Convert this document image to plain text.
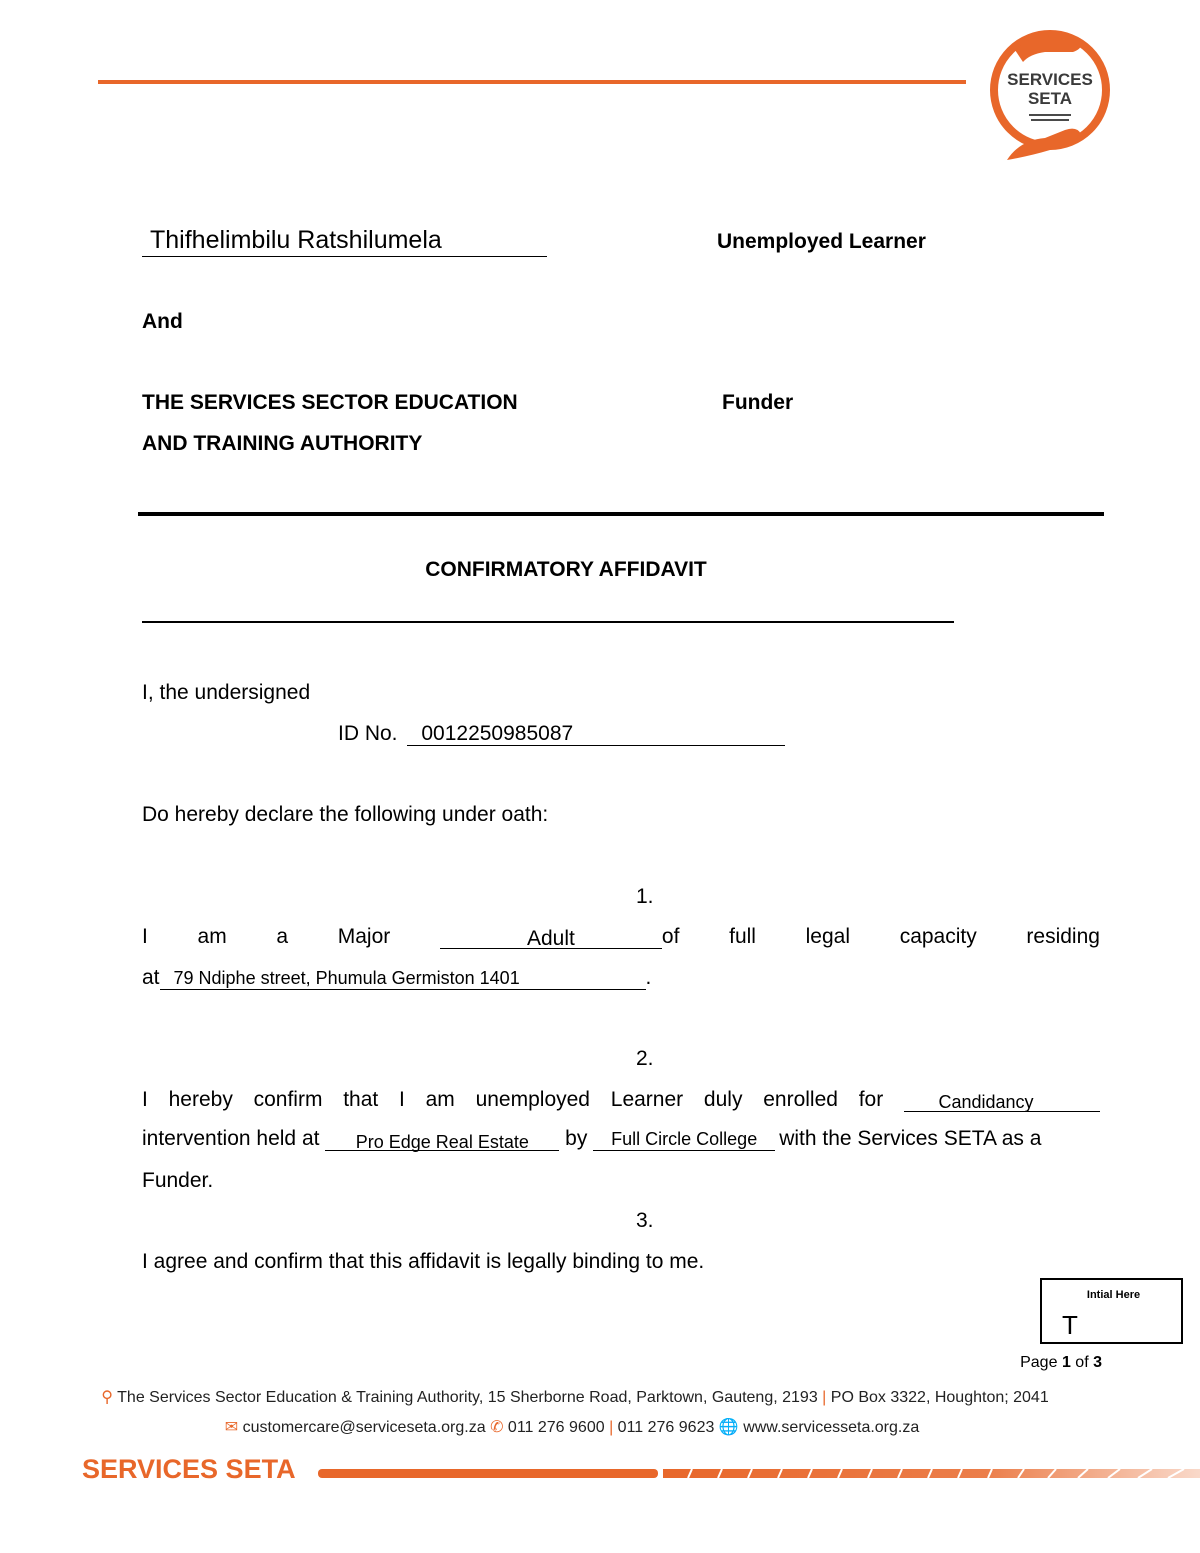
SERVICES
SETA
Thifhelimbilu Ratshilumela	Unemployed Learner
And
THE SERVICES SECTOR EDUCATION
AND TRAINING AUTHORITY
Funder
CONFIRMATORY AFFIDAVIT
I, the undersigned
ID No. 0012250985087
Do hereby declare the following under oath:
1.
I am a Major	Adult	of full legal capacity residing
at 79 Ndiphe street, Phumula Germiston 1401	.
2.
I hereby confirm that I am unemployed Learner duly enrolled for	Candidancy
intervention held at Pro Edge Real Estate by Full Circle College with the Services SETA as a
Funder.
3.
I agree and confirm that this affidavit is legally binding to me.
Intial Here
T
Page 1 of 3
⚲ The Services Sector Education & Training Authority, 15 Sherborne Road, Parktown, Gauteng, 2193 | PO Box 3322, Houghton; 2041
✉ customercare@serviceseta.org.za ✆ 011 276 9600 | 011 276 9623 🌐 www.servicesseta.org.za
SERVICES SETA
